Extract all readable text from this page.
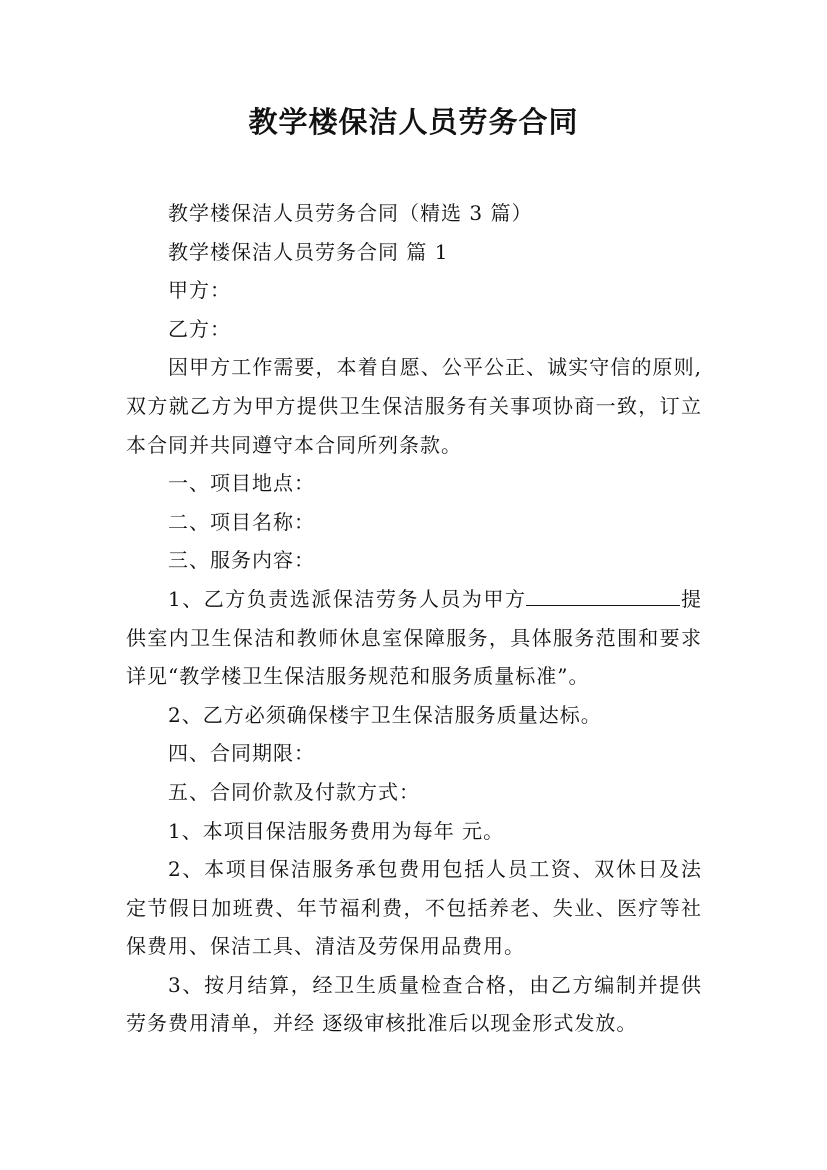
教学楼保洁人员劳务合同

教学楼保洁人员劳务合同（精选 3 篇）

教学楼保洁人员劳务合同 篇 1

甲方：

乙方：

因甲方工作需要，本着自愿、公平公正、诚实守信的原则,双方就乙方为甲方提供卫生保洁服务有关事项协商一致，订立本合同并共同遵守本合同所列条款。

一、项目地点：

二、项目名称：

三、服务内容：

1、乙方负责选派保洁劳务人员为甲方	提供室内卫生保洁和教师休息室保障服务，具体服务范围和要求详见“教学楼卫生保洁服务规范和服务质量标准”。

2、乙方必须确保楼宇卫生保洁服务质量达标。

四、合同期限：

五、合同价款及付款方式：

1、本项目保洁服务费用为每年 元。

2、本项目保洁服务承包费用包括人员工资、双休日及法定节假日加班费、年节福利费，不包括养老、失业、医疗等社保费用、保洁工具、清洁及劳保用品费用。

3、按月结算，经卫生质量检查合格，由乙方编制并提供劳务费用清单，并经 逐级审核批准后以现金形式发放。
